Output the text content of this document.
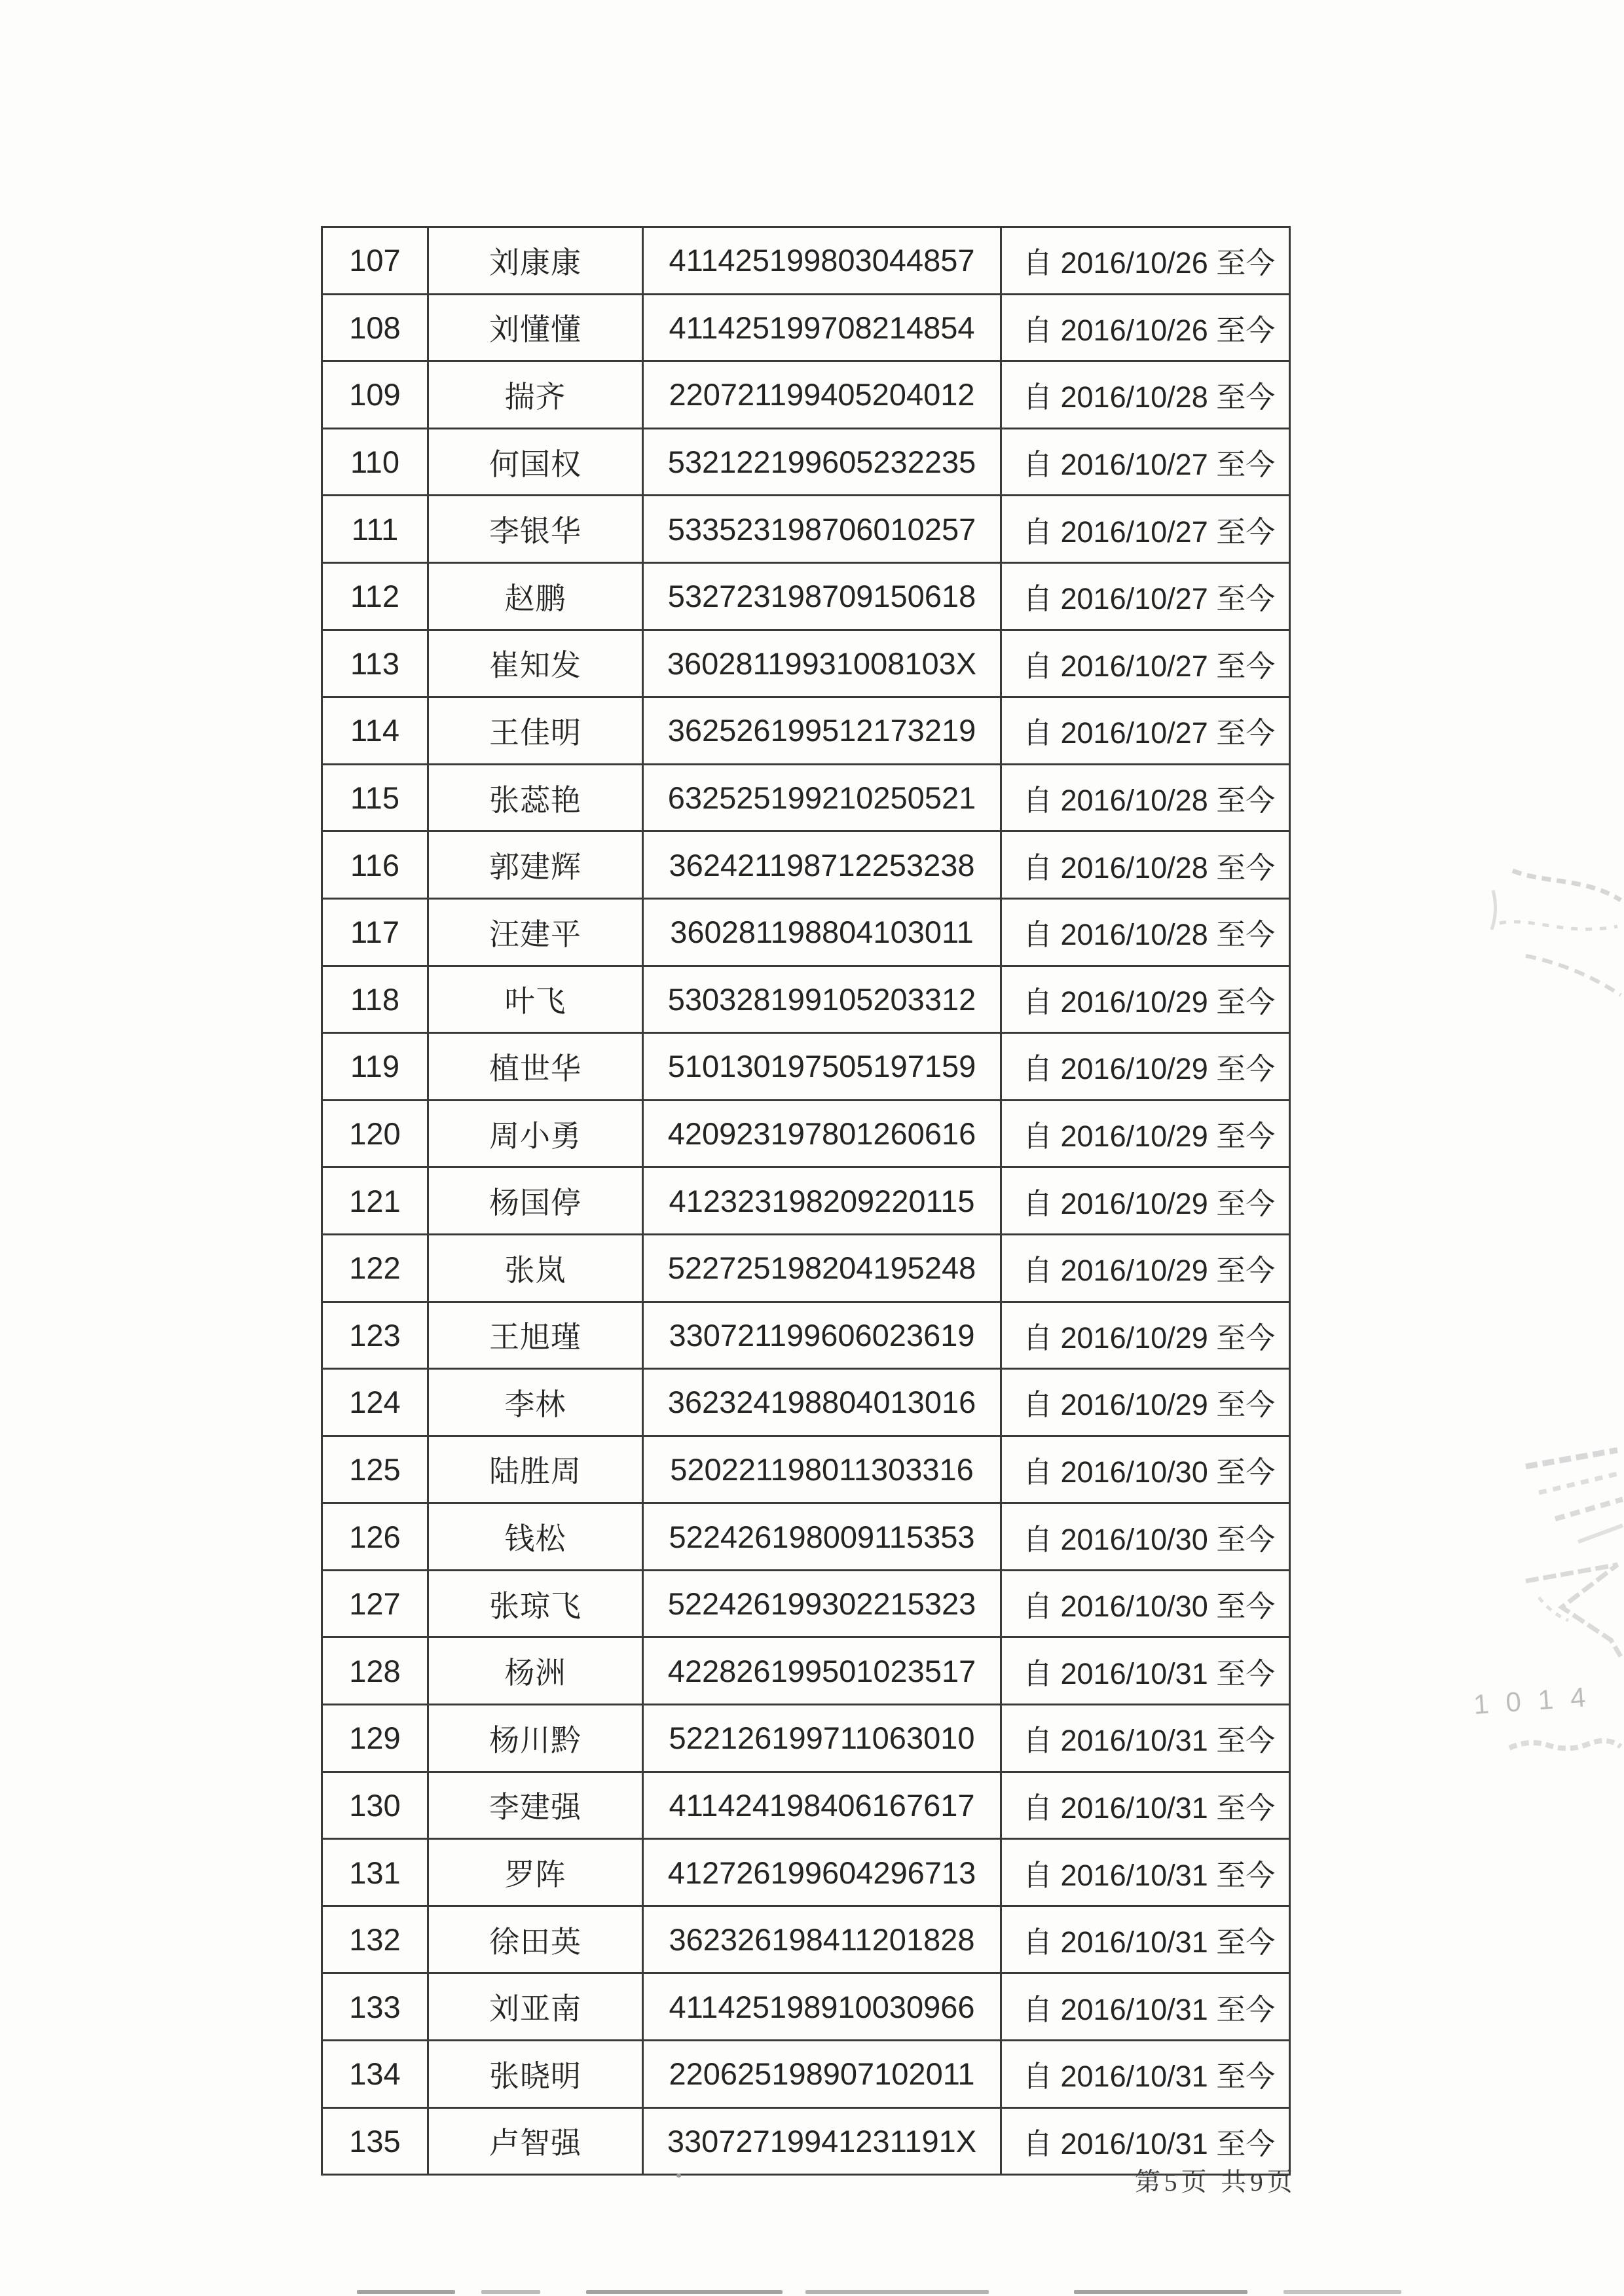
107	刘康康	411425199803044857	自 2016/10/26 至今
108	刘懂懂	411425199708214854	自 2016/10/26 至今
109	揣齐	220721199405204012	自 2016/10/28 至今
110	何国权	532122199605232235	自 2016/10/27 至今
111	李银华	533523198706010257	自 2016/10/27 至今
112	赵鹏	532723198709150618	自 2016/10/27 至今
113	崔知发	36028119931008103X	自 2016/10/27 至今
114	王佳明	362526199512173219	自 2016/10/27 至今
115	张蕊艳	632525199210250521	自 2016/10/28 至今
116	郭建辉	362421198712253238	自 2016/10/28 至今
117	汪建平	360281198804103011	自 2016/10/28 至今
118	叶飞	530328199105203312	自 2016/10/29 至今
119	植世华	510130197505197159	自 2016/10/29 至今
120	周小勇	420923197801260616	自 2016/10/29 至今
121	杨国停	412323198209220115	自 2016/10/29 至今
122	张岚	522725198204195248	自 2016/10/29 至今
123	王旭瑾	330721199606023619	自 2016/10/29 至今
124	李林	362324198804013016	自 2016/10/29 至今
125	陆胜周	520221198011303316	自 2016/10/30 至今
126	钱松	522426198009115353	自 2016/10/30 至今
127	张琼飞	522426199302215323	自 2016/10/30 至今
128	杨洲	422826199501023517	自 2016/10/31 至今
129	杨川黔	522126199711063010	自 2016/10/31 至今
130	李建强	411424198406167617	自 2016/10/31 至今
131	罗阵	412726199604296713	自 2016/10/31 至今
132	徐田英	362326198411201828	自 2016/10/31 至今
133	刘亚南	411425198910030966	自 2016/10/31 至今
134	张晓明	220625198907102011	自 2016/10/31 至今
135	卢智强	33072719941231191X	自 2016/10/31 至今
第5页 共9页
1014
